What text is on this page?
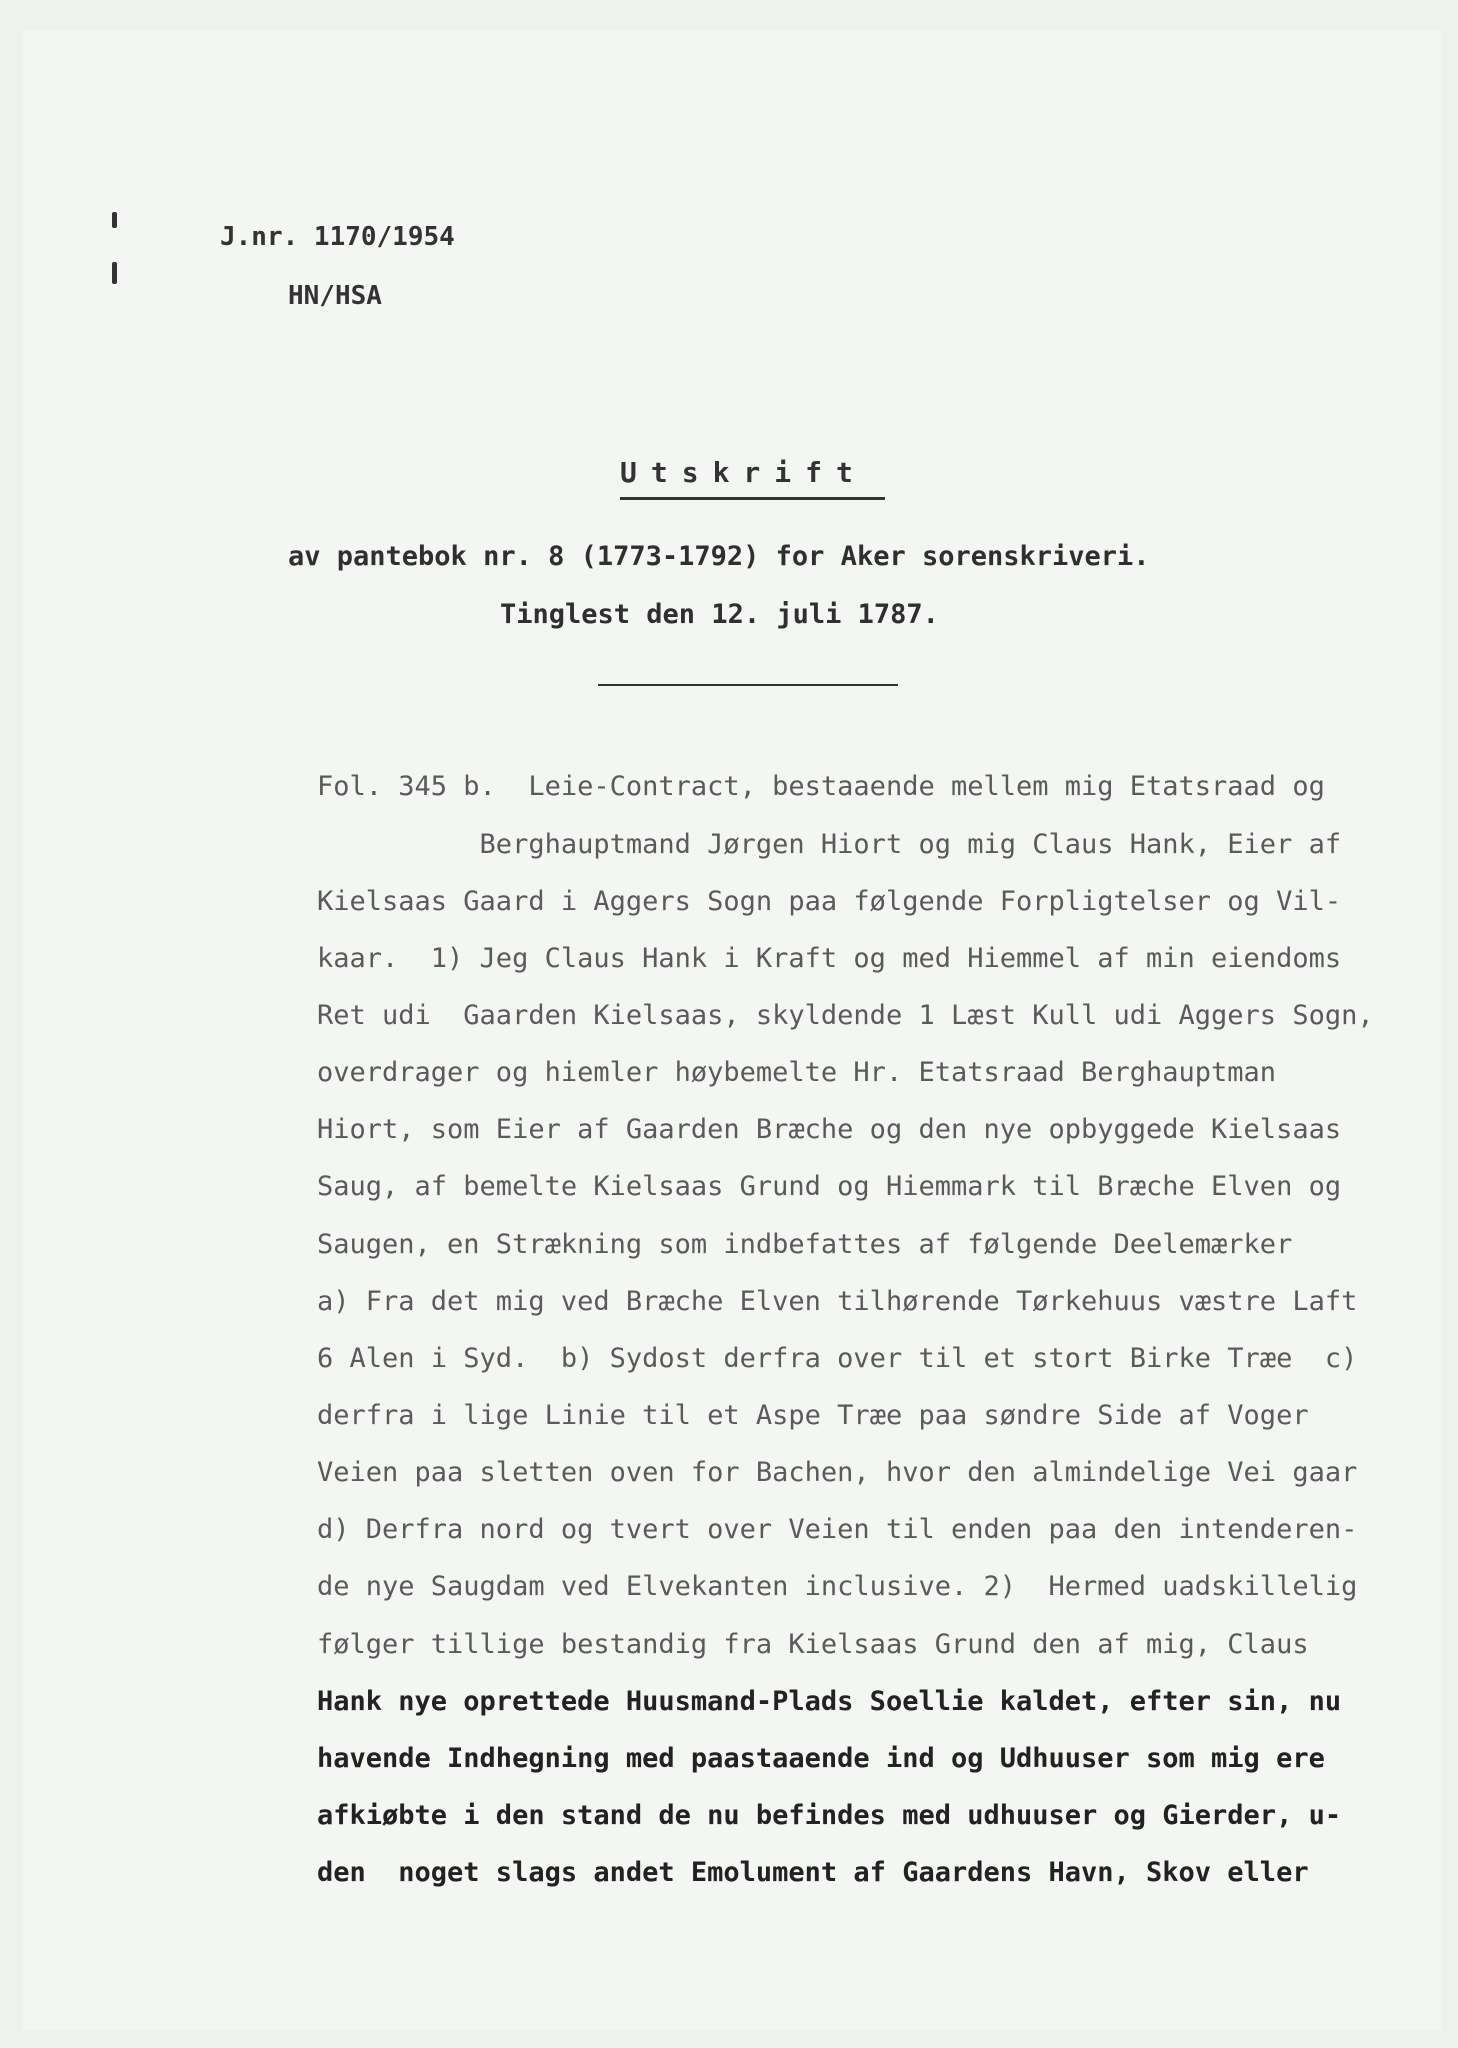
J.nr. 1170/1954
HN/HSA
Utskrift
av pantebok nr. 8 (1773-1792) for Aker sorenskriveri.
Tinglest den 12. juli 1787.
Fol. 345 b.  Leie-Contract, bestaaende mellem mig Etatsraad og
Berghauptmand Jørgen Hiort og mig Claus Hank, Eier af
Kielsaas Gaard i Aggers Sogn paa følgende Forpligtelser og Vil-
kaar.  1) Jeg Claus Hank i Kraft og med Hiemmel af min eiendoms
Ret udi  Gaarden Kielsaas, skyldende 1 Læst Kull udi Aggers Sogn,
overdrager og hiemler høybemelte Hr. Etatsraad Berghauptman
Hiort, som Eier af Gaarden Bræche og den nye opbyggede Kielsaas
Saug, af bemelte Kielsaas Grund og Hiemmark til Bræche Elven og
Saugen, en Strækning som indbefattes af følgende Deelemærker
a) Fra det mig ved Bræche Elven tilhørende Tørkehuus væstre Laft
6 Alen i Syd.  b) Sydost derfra over til et stort Birke Træe  c)
derfra i lige Linie til et Aspe Træe paa søndre Side af Voger
Veien paa sletten oven for Bachen, hvor den almindelige Vei gaar
d) Derfra nord og tvert over Veien til enden paa den intenderen-
de nye Saugdam ved Elvekanten inclusive. 2)  Hermed uadskillelig
følger tillige bestandig fra Kielsaas Grund den af mig, Claus
Hank nye oprettede Huusmand-Plads Soellie kaldet, efter sin, nu
havende Indhegning med paastaaende ind og Udhuuser som mig ere
afkiøbte i den stand de nu befindes med udhuuser og Gierder, u-
den  noget slags andet Emolument af Gaardens Havn, Skov eller
